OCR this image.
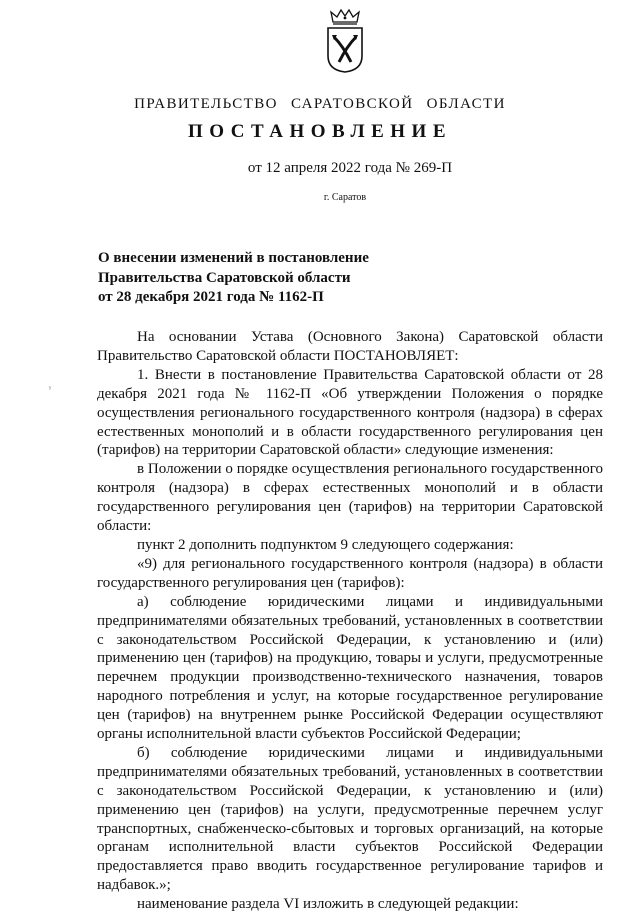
ПРАВИТЕЛЬСТВО САРАТОВСКОЙ ОБЛАСТИ
ПОСТАНОВЛЕНИЕ
от 12 апреля 2022 года № 269-П
г. Саратов
О внесении изменений в постановление
Правительства Саратовской области
от 28 декабря 2021 года № 1162-П
ʸ

На основании Устава (Основного Закона) Саратовской области Правительство Саратовской области ПОСТАНОВЛЯЕТ:

1. Внести в постановление Правительства Саратовской области от 28 декабря 2021 года № 1162-П «Об утверждении Положения о порядке осуществления регионального государственного контроля (надзора) в сферах естественных монополий и в области государственного регулирования цен (тарифов) на территории Саратовской области» следующие изменения:

в Положении о порядке осуществления регионального государственного контроля (надзора) в сферах естественных монополий и в области государственного регулирования цен (тарифов) на территории Саратовской области:

пункт 2 дополнить подпунктом 9 следующего содержания:

«9) для регионального государственного контроля (надзора) в области государственного регулирования цен (тарифов):

а) соблюдение юридическими лицами и индивидуальными предпринимателями обязательных требований, установленных в соответствии с законодательством Российской Федерации, к установлению и (или) применению цен (тарифов) на продукцию, товары и услуги, предусмотренные перечнем продукции производственно-технического назначения, товаров народного потребления и услуг, на которые государственное регулирование цен (тарифов) на внутреннем рынке Российской Федерации осуществляют органы исполнительной власти субъектов Российской Федерации;

б) соблюдение юридическими лицами и индивидуальными предпринимателями обязательных требований, установленных в соответствии с законодательством Российской Федерации, к установлению и (или) применению цен (тарифов) на услуги, предусмотренные перечнем услуг транспортных, снабженческо-сбытовых и торговых организаций, на которые органам исполнительной власти субъектов Российской Федерации предоставляется право вводить государственное регулирование тарифов и надбавок.»;

наименование раздела VI изложить в следующей редакции:
